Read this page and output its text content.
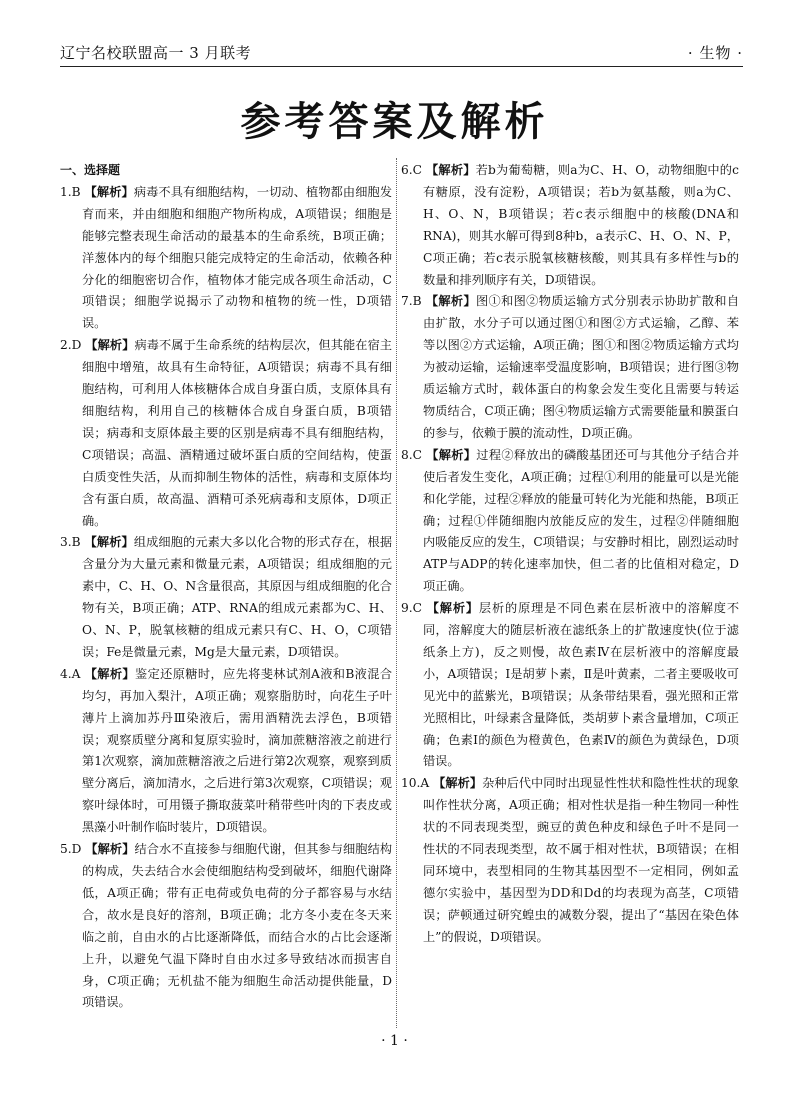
辽宁名校联盟高一 3 月联考	· 生物 ·
参考答案及解析
一、选择题

1.B 【解析】病毒不具有细胞结构，一切动、植物都由细胞发育而来，并由细胞和细胞产物所构成，A项错误；细胞是能够完整表现生命活动的最基本的生命系统，B项正确；洋葱体内的每个细胞只能完成特定的生命活动，依赖各种分化的细胞密切合作，植物体才能完成各项生命活动，C项错误；细胞学说揭示了动物和植物的统一性，D项错误。

2.D 【解析】病毒不属于生命系统的结构层次，但其能在宿主细胞中增殖，故具有生命特征，A项错误；病毒不具有细胞结构，可利用人体核糖体合成自身蛋白质，支原体具有细胞结构，利用自己的核糖体合成自身蛋白质，B项错误；病毒和支原体最主要的区别是病毒不具有细胞结构，C项错误；高温、酒精通过破坏蛋白质的空间结构，使蛋白质变性失活，从而抑制生物体的活性，病毒和支原体均含有蛋白质，故高温、酒精可杀死病毒和支原体，D项正确。

3.B 【解析】组成细胞的元素大多以化合物的形式存在，根据含量分为大量元素和微量元素，A项错误；组成细胞的元素中，C、H、O、N含量很高，其原因与组成细胞的化合物有关，B项正确；ATP、RNA的组成元素都为C、H、O、N、P，脱氧核糖的组成元素只有C、H、O，C项错误；Fe是微量元素，Mg是大量元素，D项错误。

4.A 【解析】鉴定还原糖时，应先将斐林试剂A液和B液混合均匀，再加入梨汁，A项正确；观察脂肪时，向花生子叶薄片上滴加苏丹Ⅲ染液后，需用酒精洗去浮色，B项错误；观察质壁分离和复原实验时，滴加蔗糖溶液之前进行第1次观察，滴加蔗糖溶液之后进行第2次观察，观察到质壁分离后，滴加清水，之后进行第3次观察，C项错误；观察叶绿体时，可用镊子撕取菠菜叶稍带些叶肉的下表皮或黑藻小叶制作临时装片，D项错误。

5.D 【解析】结合水不直接参与细胞代谢，但其参与细胞结构的构成，失去结合水会使细胞结构受到破坏，细胞代谢降低，A项正确；带有正电荷或负电荷的分子都容易与水结合，故水是良好的溶剂，B项正确；北方冬小麦在冬天来临之前，自由水的占比逐渐降低，而结合水的占比会逐渐上升，以避免气温下降时自由水过多导致结冰而损害自身，C项正确；无机盐不能为细胞生命活动提供能量，D项错误。

6.C 【解析】若b为葡萄糖，则a为C、H、O，动物细胞中的c有糖原，没有淀粉，A项错误；若b为氨基酸，则a为C、H、O、N，B项错误；若c表示细胞中的核酸(DNA和RNA)，则其水解可得到8种b，a表示C、H、O、N、P，C项正确；若c表示脱氧核糖核酸，则其具有多样性与b的数量和排列顺序有关，D项错误。

7.B 【解析】图①和图②物质运输方式分别表示协助扩散和自由扩散，水分子可以通过图①和图②方式运输，乙醇、苯等以图②方式运输，A项正确；图①和图②物质运输方式均为被动运输，运输速率受温度影响，B项错误；进行图③物质运输方式时，载体蛋白的构象会发生变化且需要与转运物质结合，C项正确；图④物质运输方式需要能量和膜蛋白的参与，依赖于膜的流动性，D项正确。

8.C 【解析】过程②释放出的磷酸基团还可与其他分子结合并使后者发生变化，A项正确；过程①利用的能量可以是光能和化学能，过程②释放的能量可转化为光能和热能，B项正确；过程①伴随细胞内放能反应的发生，过程②伴随细胞内吸能反应的发生，C项错误；与安静时相比，剧烈运动时ATP与ADP的转化速率加快，但二者的比值相对稳定，D项正确。

9.C 【解析】层析的原理是不同色素在层析液中的溶解度不同，溶解度大的随层析液在滤纸条上的扩散速度快(位于滤纸条上方)，反之则慢，故色素Ⅳ在层析液中的溶解度最小，A项错误；Ⅰ是胡萝卜素，Ⅱ是叶黄素，二者主要吸收可见光中的蓝紫光，B项错误；从条带结果看，强光照和正常光照相比，叶绿素含量降低，类胡萝卜素含量增加，C项正确；色素Ⅰ的颜色为橙黄色，色素Ⅳ的颜色为黄绿色，D项错误。

10.A 【解析】杂种后代中同时出现显性性状和隐性性状的现象叫作性状分离，A项正确；相对性状是指一种生物同一种性状的不同表现类型，豌豆的黄色种皮和绿色子叶不是同一性状的不同表现类型，故不属于相对性状，B项错误；在相同环境中，表型相同的生物其基因型不一定相同，例如孟德尔实验中，基因型为DD和Dd的均表现为高茎，C项错误；萨顿通过研究蝗虫的减数分裂，提出了“基因在染色体上”的假说，D项错误。

· 1 ·
